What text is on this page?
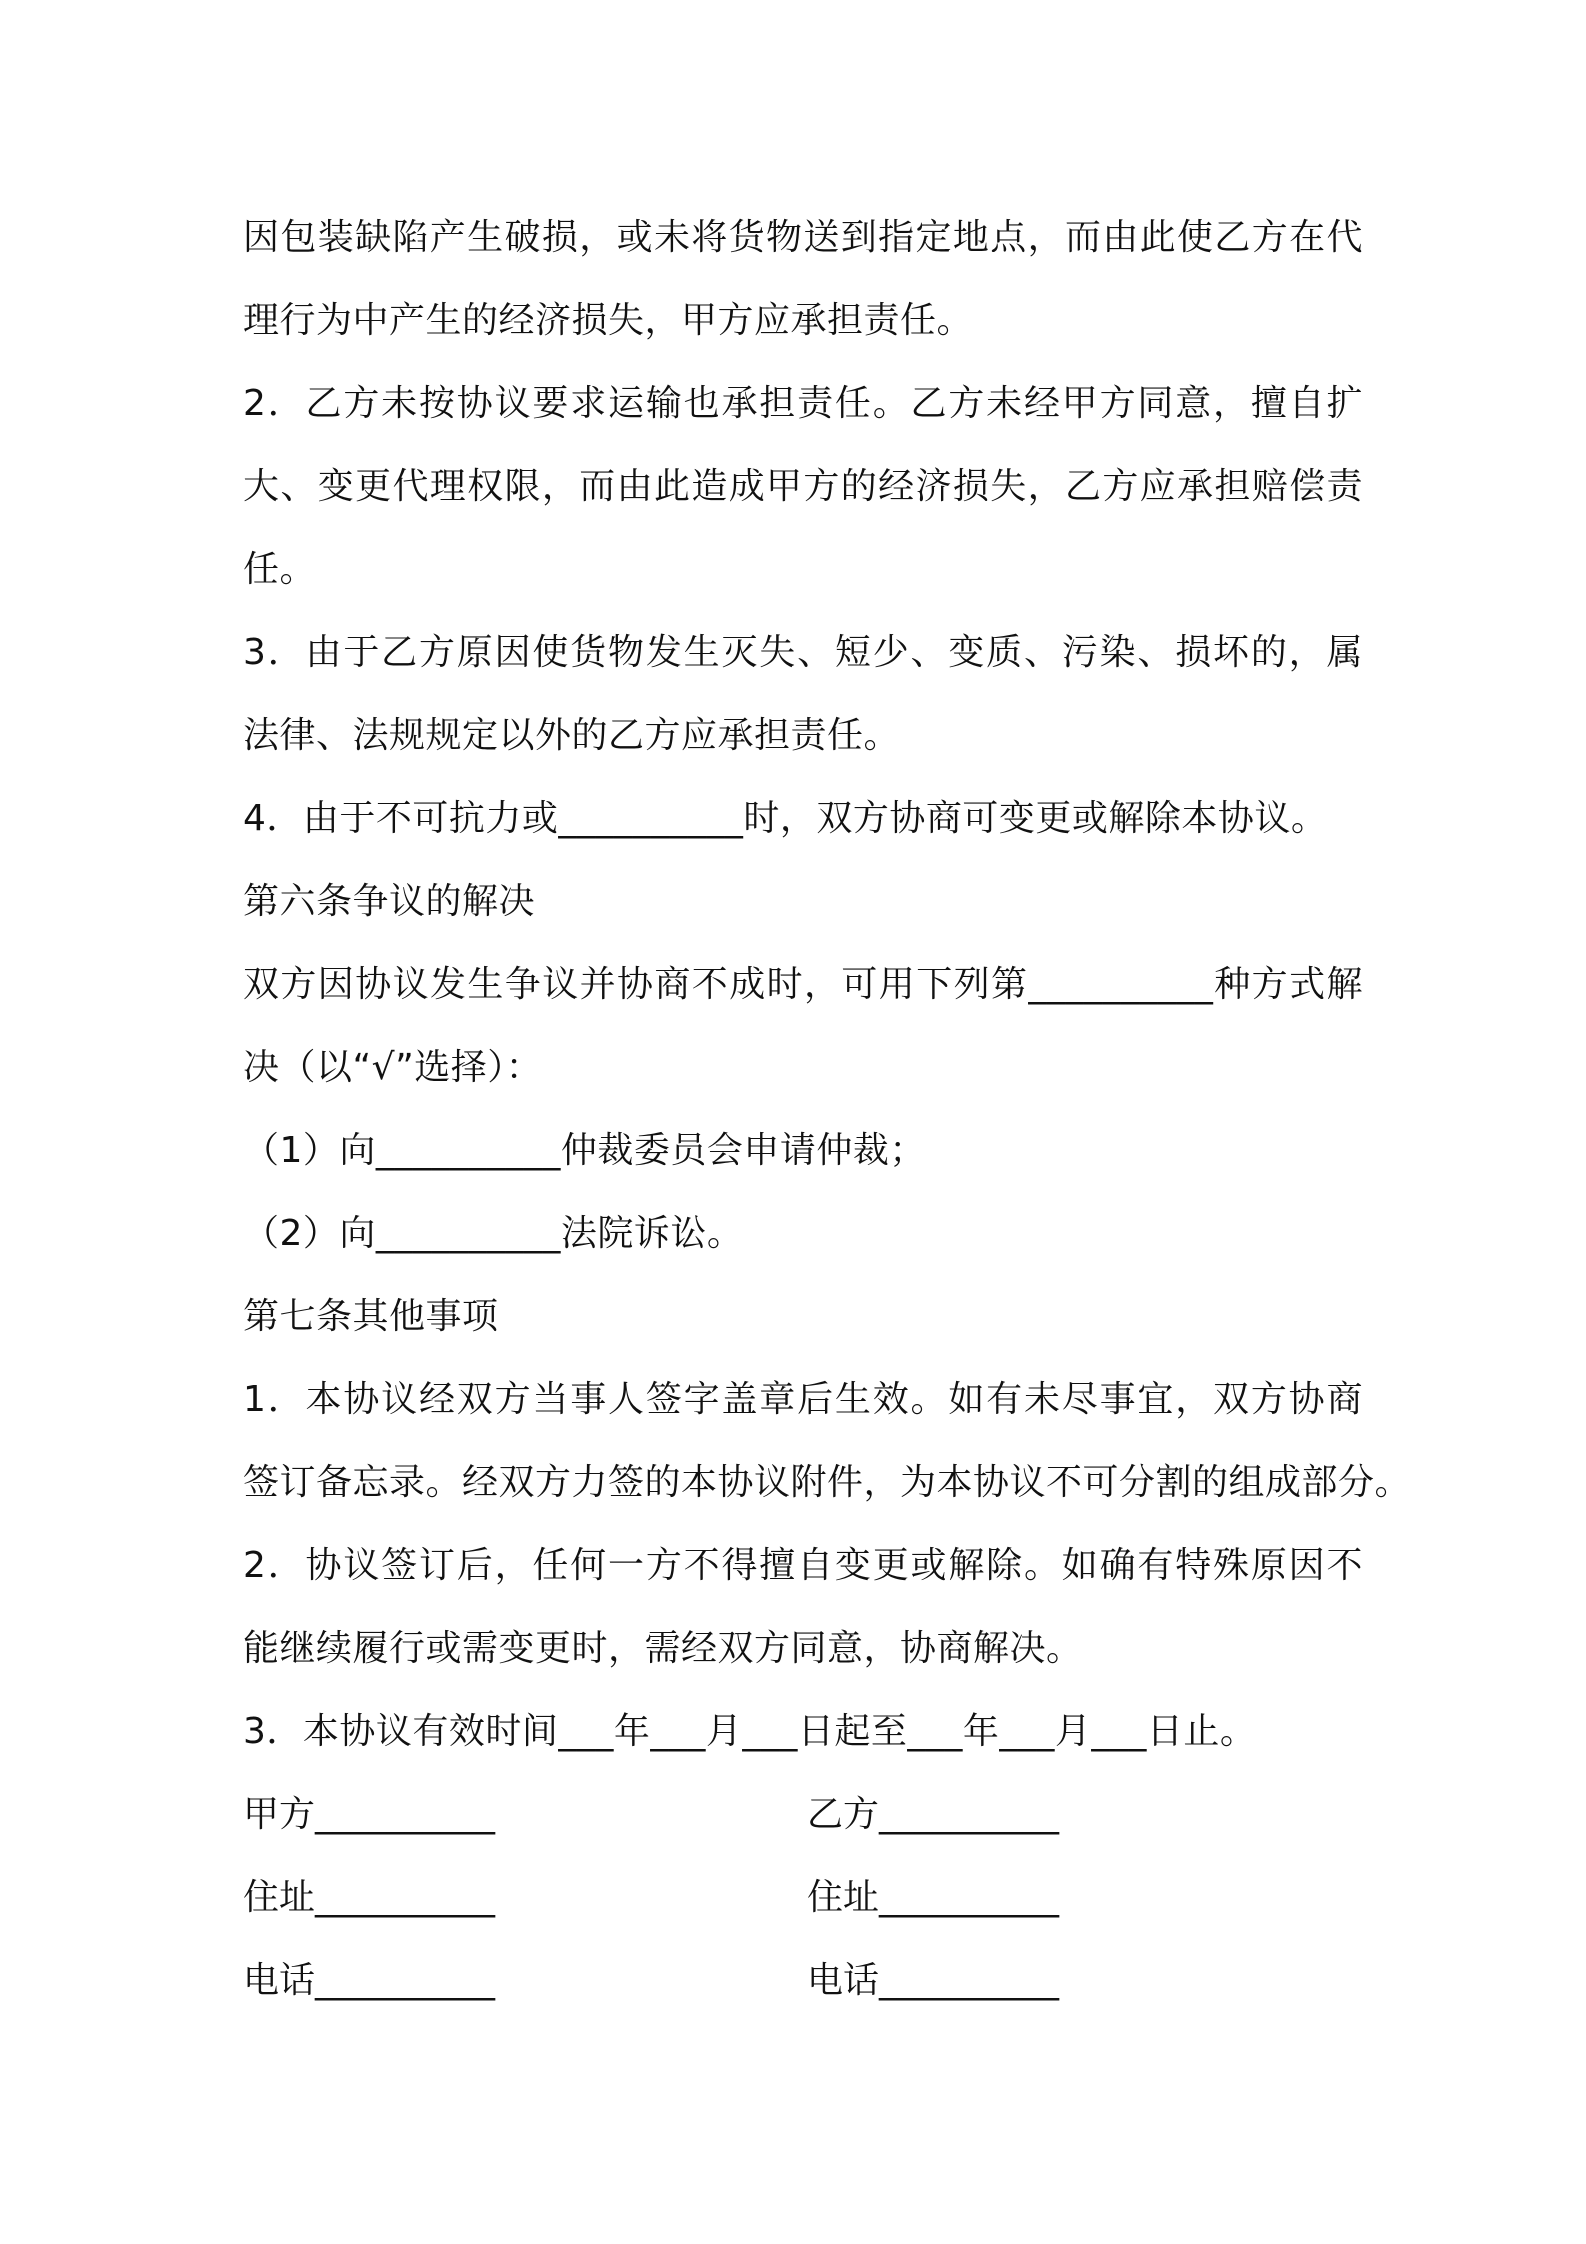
因包装缺陷产生破损，或未将货物送到指定地点，而由此使乙方在代
理行为中产生的经济损失，甲方应承担责任。
2．乙方未按协议要求运输也承担责任。乙方未经甲方同意，擅自扩
大、变更代理权限，而由此造成甲方的经济损失，乙方应承担赔偿责
任。
3．由于乙方原因使货物发生灭失、短少、变质、污染、损坏的，属
法律、法规规定以外的乙方应承担责任。
4．由于不可抗力或__________时，双方协商可变更或解除本协议。
第六条争议的解决
双方因协议发生争议并协商不成时，可用下列第__________种方式解
决（以“√”选择）：
（1）向__________仲裁委员会申请仲裁；
（2）向__________法院诉讼。
第七条其他事项
1．本协议经双方当事人签字盖章后生效。如有未尽事宜，双方协商
签订备忘录。经双方力签的本协议附件，为本协议不可分割的组成部分。
2．协议签订后，任何一方不得擅自变更或解除。如确有特殊原因不
能继续履行或需变更时，需经双方同意，协商解决。
3．本协议有效时间___年___月___日起至___年___月___日止。
甲方__________	乙方__________
住址__________	住址__________
电话__________	电话__________
